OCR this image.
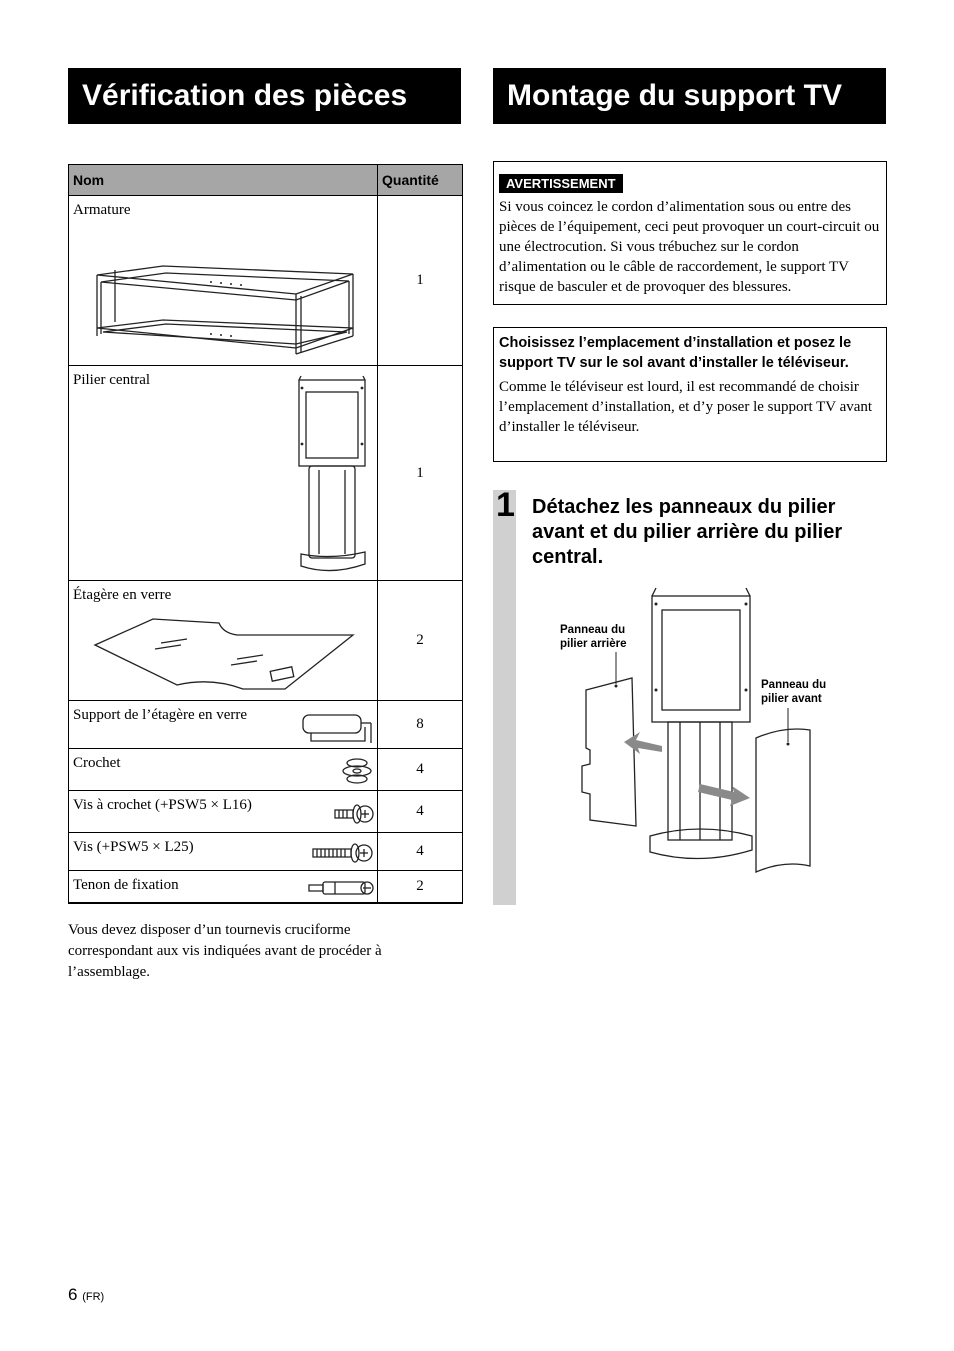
Vérification des pièces	Montage du support TV
Nom	Quantité

Armature	1

Pilier central	1

Étagère en verre	2

Support de l’étagère en verre	8

Crochet	4

Vis à crochet (+PSW5 × L16)	4

Vis (+PSW5 × L25)	4

Tenon de fixation	2
Vous devez disposer d’un tournevis cruciforme correspondant aux vis indiquées avant de procéder à l’assemblage.
AVERTISSEMENT
Si vous coincez le cordon d’alimentation sous ou entre des pièces de l’équipement, ceci peut provoquer un court-circuit ou une électrocution. Si vous trébuchez sur le cordon d’alimentation ou le câble de raccordement, le support TV risque de basculer et de provoquer des blessures.
Choisissez l’emplacement d’installation et posez le support TV sur le sol avant d’installer le téléviseur.
Comme le téléviseur est lourd, il est recommandé de choisir l’emplacement d’installation, et d’y poser le support TV avant d’installer le téléviseur.
1 Détachez les panneaux du pilier avant et du pilier arrière du pilier central.
Panneau du
pilier arrière
Panneau du
pilier avant
6 (FR)
